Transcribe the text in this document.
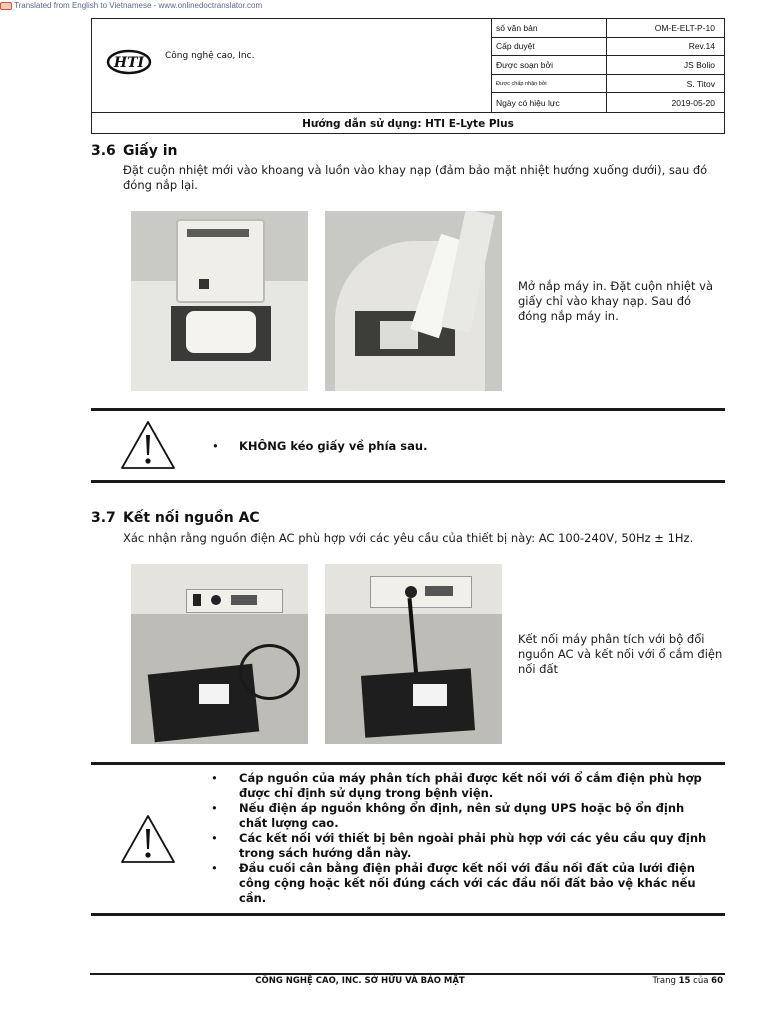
Translated from English to Vietnamese - www.onlinedoctranslator.com
HTI Công nghệ cao, Inc.
số văn bản	OM-E-ELT-P-10
Cấp duyệt	Rev.14
Được soạn bởi	JS Bolio
Được chấp nhận bởi	S. Titov
Ngày có hiệu lực	2019-05-20
Hướng dẫn sử dụng: HTI E-Lyte Plus
3.6 Giấy in
Đặt cuộn nhiệt mới vào khoang và luồn vào khay nạp (đảm bảo mặt nhiệt hướng xuống dưới), sau đó đóng nắp lại.
Mở nắp máy in. Đặt cuộn nhiệt và giấy chỉ vào khay nạp. Sau đó đóng nắp máy in.
• KHÔNG kéo giấy về phía sau.
3.7 Kết nối nguồn AC
Xác nhận rằng nguồn điện AC phù hợp với các yêu cầu của thiết bị này: AC 100-240V, 50Hz ± 1Hz.
Kết nối máy phân tích với bộ đổi nguồn AC và kết nối với ổ cắm điện nối đất
• Cáp nguồn của máy phân tích phải được kết nối với ổ cắm điện phù hợp được chỉ định sử dụng trong bệnh viện.
• Nếu điện áp nguồn không ổn định, nên sử dụng UPS hoặc bộ ổn định chất lượng cao.
• Các kết nối với thiết bị bên ngoài phải phù hợp với các yêu cầu quy định trong sách hướng dẫn này.
• Đầu cuối cân bằng điện phải được kết nối với đầu nối đất của lưới điện công cộng hoặc kết nối đúng cách với các đầu nối đất bảo vệ khác nếu cần.
CÔNG NGHỆ CAO, INC. SỞ HỮU VÀ BẢO MẬT	Trang 15 của 60
